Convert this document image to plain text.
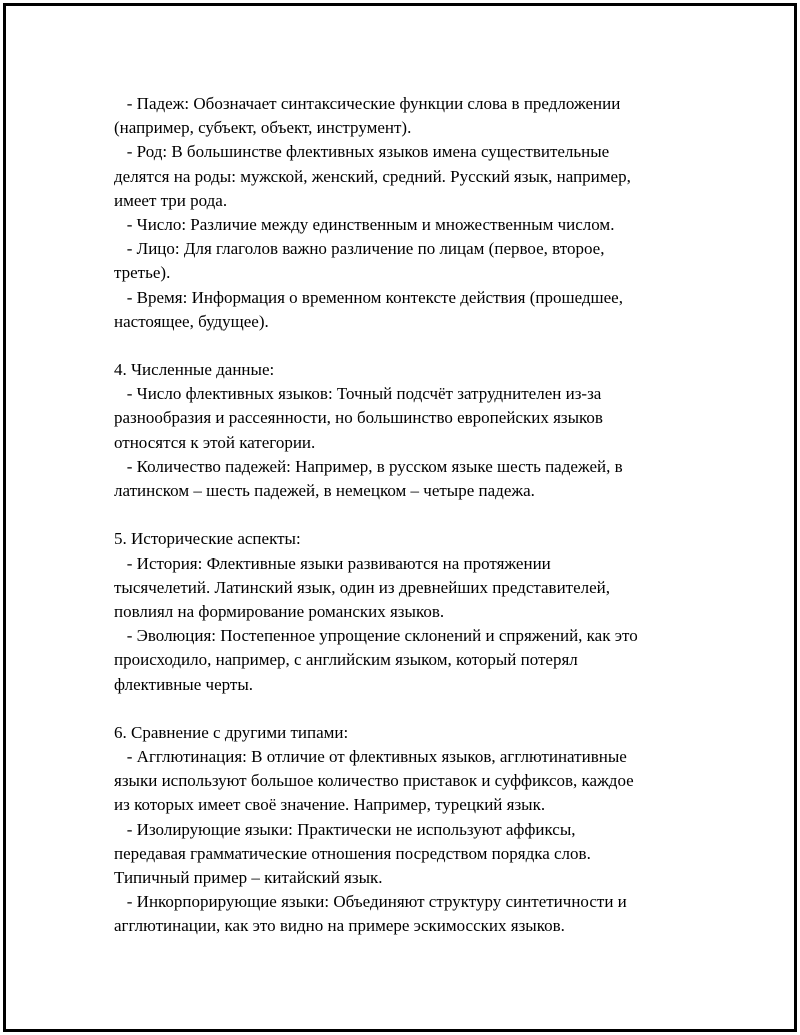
- Падеж: Обозначает синтаксические функции слова в предложении
(например, субъект, объект, инструмент).
- Род: В большинстве флективных языков имена существительные
делятся на роды: мужской, женский, средний. Русский язык, например,
имеет три рода.
- Число: Различие между единственным и множественным числом.
- Лицо: Для глаголов важно различение по лицам (первое, второе,
третье).
- Время: Информация о временном контексте действия (прошедшее,
настоящее, будущее).
4. Численные данные:
- Число флективных языков: Точный подсчёт затруднителен из-за
разнообразия и рассеянности, но большинство европейских языков
относятся к этой категории.
- Количество падежей: Например, в русском языке шесть падежей, в
латинском – шесть падежей, в немецком – четыре падежа.
5. Исторические аспекты:
- История: Флективные языки развиваются на протяжении
тысячелетий. Латинский язык, один из древнейших представителей,
повлиял на формирование романских языков.
- Эволюция: Постепенное упрощение склонений и спряжений, как это
происходило, например, с английским языком, который потерял
флективные черты.
6. Сравнение с другими типами:
- Агглютинация: В отличие от флективных языков, агглютинативные
языки используют большое количество приставок и суффиксов, каждое
из которых имеет своё значение. Например, турецкий язык.
- Изолирующие языки: Практически не используют аффиксы,
передавая грамматические отношения посредством порядка слов.
Типичный пример – китайский язык.
- Инкорпорирующие языки: Объединяют структуру синтетичности и
агглютинации, как это видно на примере эскимосских языков.
